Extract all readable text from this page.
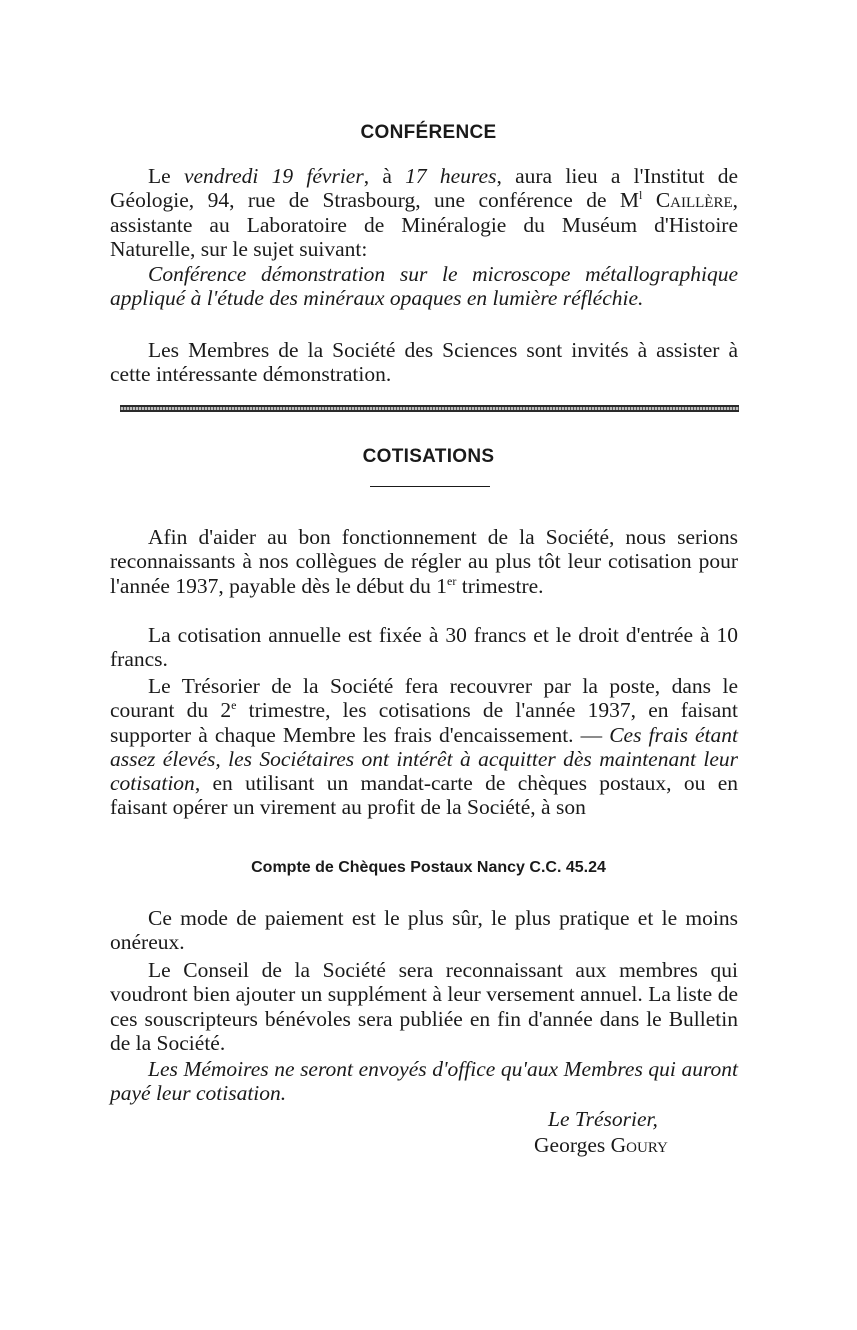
CONFÉRENCE

Le vendredi 19 février, à 17 heures, aura lieu a l'Institut de Géologie, 94, rue de Strasbourg, une conférence de $M^l$ Caillère, assistante au Laboratoire de Minéralogie du Muséum d'Histoire Naturelle, sur le sujet suivant:

Conférence démonstration sur le microscope métallographique appliqué à l'étude des minéraux opaques en lumière réfléchie.

Les Membres de la Société des Sciences sont invités à assister à cette intéressante démonstration.

COTISATIONS

Afin d'aider au bon fonctionnement de la Société, nous serions reconnaissants à nos collègues de régler au plus tôt leur cotisation pour l'année 1937, payable dès le début du 1er trimestre.

La cotisation annuelle est fixée à 30 francs et le droit d'entrée à 10 francs.

Le Trésorier de la Société fera recouvrer par la poste, dans le courant du 2e trimestre, les cotisations de l'année 1937, en faisant supporter à chaque Membre les frais d'encaissement. — Ces frais étant assez élevés, les Sociétaires ont intérêt à acquitter dès maintenant leur cotisation, en utilisant un mandat-carte de chèques postaux, ou en faisant opérer un virement au profit de la Société, à son

Compte de Chèques Postaux Nancy C.C. 45.24

Ce mode de paiement est le plus sûr, le plus pratique et le moins onéreux.

Le Conseil de la Société sera reconnaissant aux membres qui voudront bien ajouter un supplément à leur versement annuel. La liste de ces souscripteurs bénévoles sera publiée en fin d'année dans le Bulletin de la Société.

Les Mémoires ne seront envoyés d'office qu'aux Membres qui auront payé leur cotisation.

Le Trésorier,
Georges Goury
